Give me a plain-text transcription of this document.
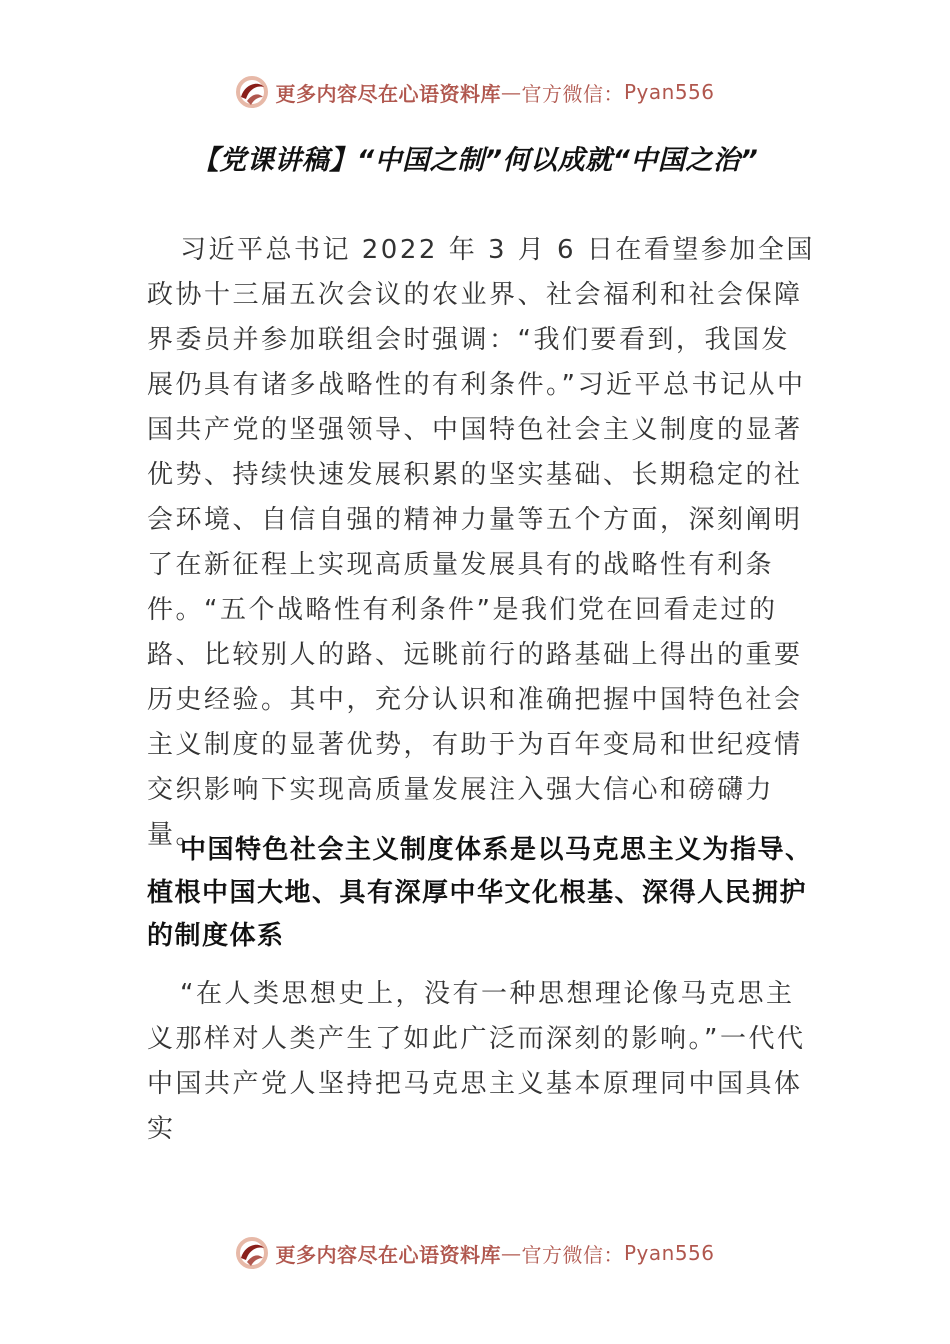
更多内容尽在心语资料库 — 官方微信： Pyan556
【党课讲稿】“中国之制”何以成就“中国之治”

习近平总书记 2022 年 3 月 6 日在看望参加全国政协十三届五次会议的农业界、社会福利和社会保障界委员并参加联组会时强调：“我们要看到，我国发展仍具有诸多战略性的有利条件。”习近平总书记从中国共产党的坚强领导、中国特色社会主义制度的显著优势、持续快速发展积累的坚实基础、长期稳定的社会环境、自信自强的精神力量等五个方面，深刻阐明了在新征程上实现高质量发展具有的战略性有利条件。“五个战略性有利条件”是我们党在回看走过的路、比较别人的路、远眺前行的路基础上得出的重要历史经验。其中，充分认识和准确把握中国特色社会主义制度的显著优势，有助于为百年变局和世纪疫情交织影响下实现高质量发展注入强大信心和磅礴力量。

中国特色社会主义制度体系是以马克思主义为指导、植根中国大地、具有深厚中华文化根基、深得人民拥护的制度体系

“在人类思想史上，没有一种思想理论像马克思主义那样对人类产生了如此广泛而深刻的影响。”一代代中国共产党人坚持把马克思主义基本原理同中国具体实

更多内容尽在心语资料库 — 官方微信： Pyan556
